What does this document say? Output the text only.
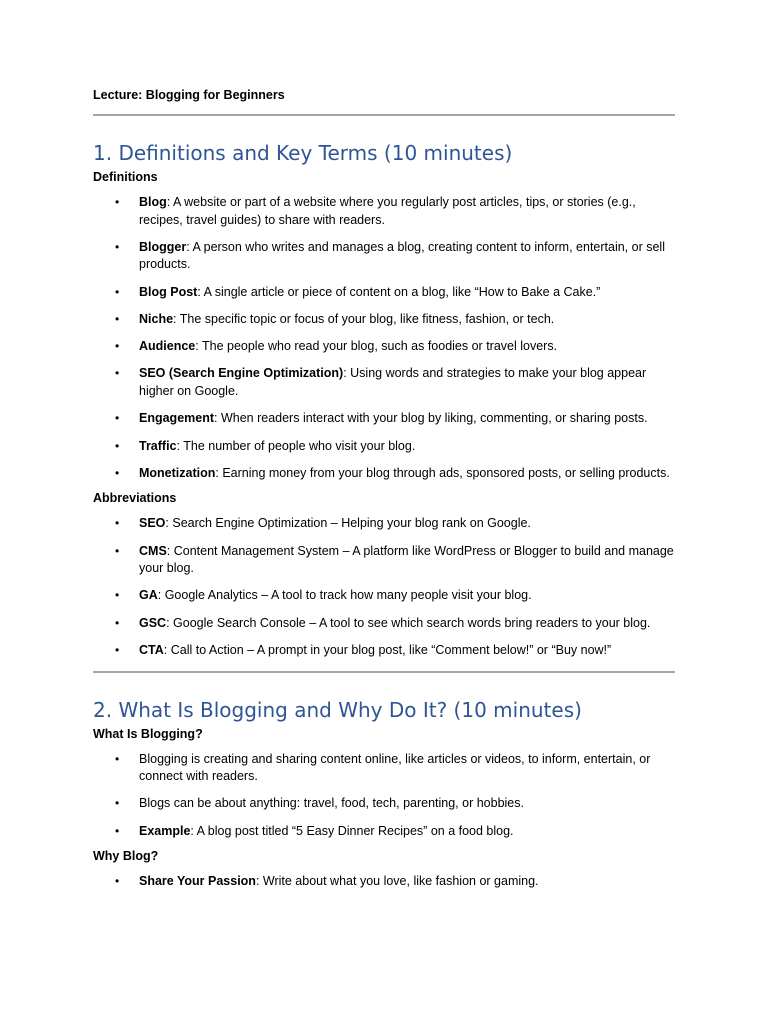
Lecture: Blogging for Beginners

1. Definitions and Key Terms (10 minutes)

Definitions

• Blog: A website or part of a website where you regularly post articles, tips, or stories (e.g., recipes, travel guides) to share with readers.
• Blogger: A person who writes and manages a blog, creating content to inform, entertain, or sell products.
• Blog Post: A single article or piece of content on a blog, like “How to Bake a Cake.”
• Niche: The specific topic or focus of your blog, like fitness, fashion, or tech.
• Audience: The people who read your blog, such as foodies or travel lovers.
• SEO (Search Engine Optimization): Using words and strategies to make your blog appear higher on Google.
• Engagement: When readers interact with your blog by liking, commenting, or sharing posts.
• Traffic: The number of people who visit your blog.
• Monetization: Earning money from your blog through ads, sponsored posts, or selling products.

Abbreviations

• SEO: Search Engine Optimization – Helping your blog rank on Google.
• CMS: Content Management System – A platform like WordPress or Blogger to build and manage your blog.
• GA: Google Analytics – A tool to track how many people visit your blog.
• GSC: Google Search Console – A tool to see which search words bring readers to your blog.
• CTA: Call to Action – A prompt in your blog post, like “Comment below!” or “Buy now!”
2. What Is Blogging and Why Do It? (10 minutes)

What Is Blogging?

• Blogging is creating and sharing content online, like articles or videos, to inform, entertain, or connect with readers.
• Blogs can be about anything: travel, food, tech, parenting, or hobbies.
• Example: A blog post titled “5 Easy Dinner Recipes” on a food blog.

Why Blog?

• Share Your Passion: Write about what you love, like fashion or gaming.
